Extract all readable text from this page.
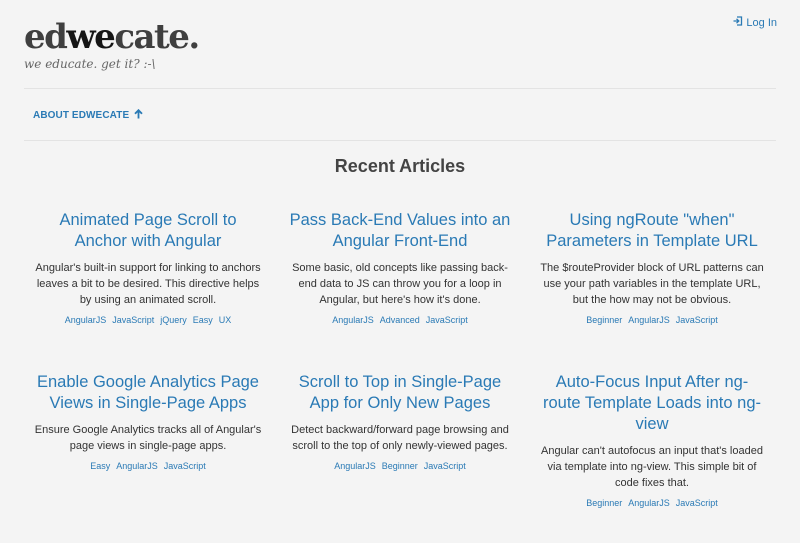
edwecate.
we educate. get it? :-\
Log In
ABOUT EDWECATE
Recent Articles
Animated Page Scroll to Anchor with Angular

Angular's built-in support for linking to anchors leaves a bit to be desired. This directive helps by using an animated scroll.

AngularJS JavaScript jQuery Easy UX
Pass Back-End Values into an Angular Front-End

Some basic, old concepts like passing back-end data to JS can throw you for a loop in Angular, but here's how it's done.

AngularJS Advanced JavaScript
Using ngRoute "when" Parameters in Template URL

The $routeProvider block of URL patterns can use your path variables in the template URL, but the how may not be obvious.

Beginner AngularJS JavaScript
Enable Google Analytics Page Views in Single-Page Apps

Ensure Google Analytics tracks all of Angular's page views in single-page apps.

Easy AngularJS JavaScript
Scroll to Top in Single-Page App for Only New Pages

Detect backward/forward page browsing and scroll to the top of only newly-viewed pages.

AngularJS Beginner JavaScript
Auto-Focus Input After ng-route Template Loads into ng-view

Angular can't autofocus an input that's loaded via template into ng-view. This simple bit of code fixes that.

Beginner AngularJS JavaScript
